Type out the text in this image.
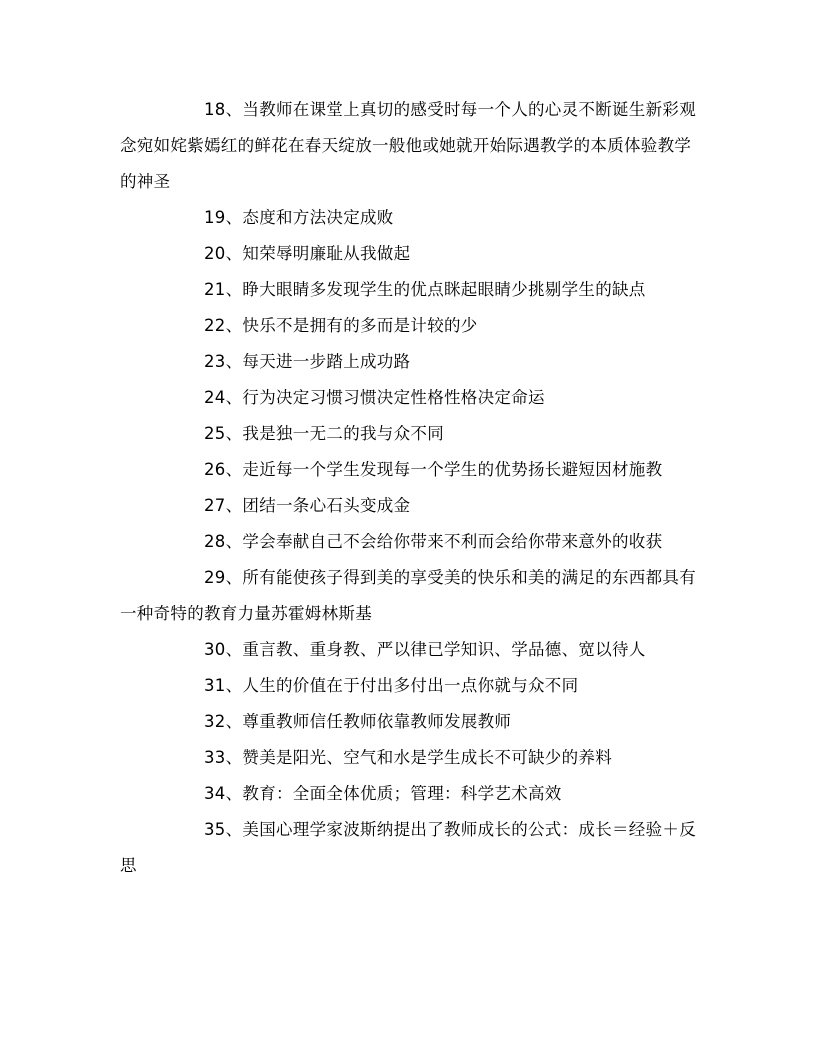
18、当教师在课堂上真切的感受时每一个人的心灵不断诞生新彩观念宛如姹紫嫣红的鲜花在春天绽放一般他或她就开始际遇教学的本质体验教学的神圣

19、态度和方法决定成败

20、知荣辱明廉耻从我做起

21、睁大眼睛多发现学生的优点眯起眼睛少挑剔学生的缺点

22、快乐不是拥有的多而是计较的少

23、每天进一步踏上成功路

24、行为决定习惯习惯决定性格性格决定命运

25、我是独一无二的我与众不同

26、走近每一个学生发现每一个学生的优势扬长避短因材施教

27、团结一条心石头变成金

28、学会奉献自己不会给你带来不利而会给你带来意外的收获

29、所有能使孩子得到美的享受美的快乐和美的满足的东西都具有一种奇特的教育力量苏霍姆林斯基

30、重言教、重身教、严以律已学知识、学品德、宽以待人

31、人生的价值在于付出多付出一点你就与众不同

32、尊重教师信任教师依靠教师发展教师

33、赞美是阳光、空气和水是学生成长不可缺少的养料

34、教育：全面全体优质；管理：科学艺术高效

35、美国心理学家波斯纳提出了教师成长的公式：成长＝经验＋反思
